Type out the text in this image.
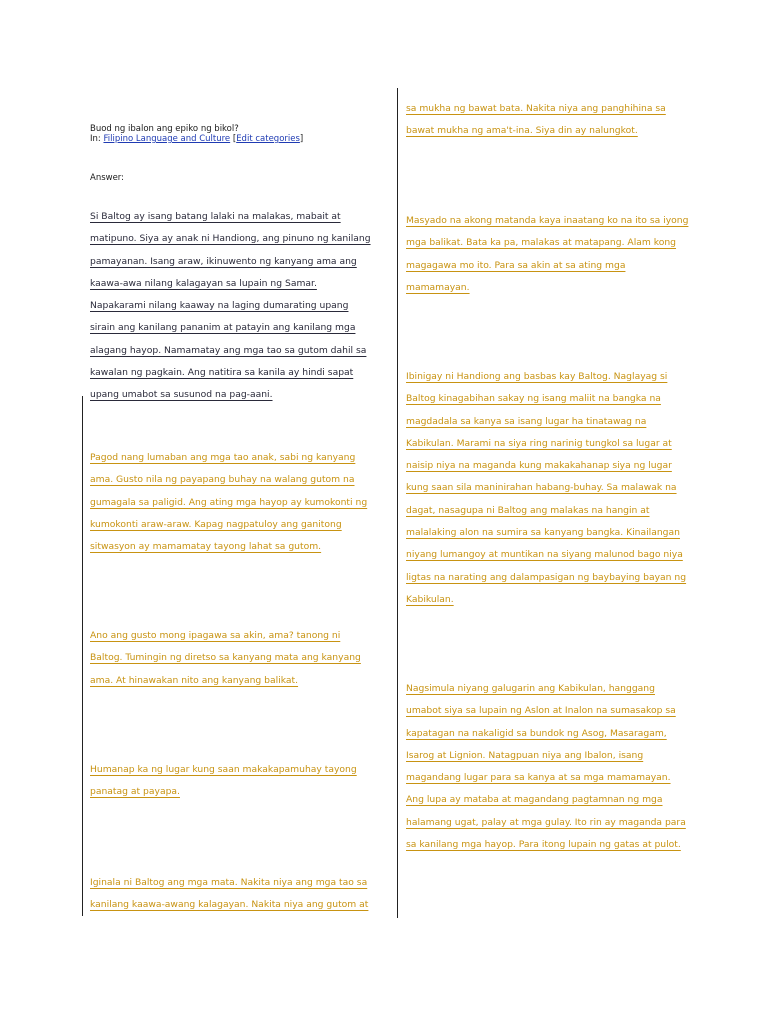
Buod ng ibalon ang epiko ng bikol?
In: Filipino Language and Culture [Edit categories]
Answer:
Si Baltog ay isang batang lalaki na malakas, mabait at
matipuno. Siya ay anak ni Handiong, ang pinuno ng kanilang
pamayanan. Isang araw, ikinuwento ng kanyang ama ang
kaawa-awa nilang kalagayan sa lupain ng Samar.
Napakarami nilang kaaway na laging dumarating upang
sirain ang kanilang pananim at patayin ang kanilang mga
alagang hayop. Namamatay ang mga tao sa gutom dahil sa
kawalan ng pagkain. Ang natitira sa kanila ay hindi sapat
upang umabot sa susunod na pag-aani.
Pagod nang lumaban ang mga tao anak, sabi ng kanyang
ama. Gusto nila ng payapang buhay na walang gutom na
gumagala sa paligid. Ang ating mga hayop ay kumokonti ng
kumokonti araw-araw. Kapag nagpatuloy ang ganitong
sitwasyon ay mamamatay tayong lahat sa gutom.
Ano ang gusto mong ipagawa sa akin, ama? tanong ni
Baltog. Tumingin ng diretso sa kanyang mata ang kanyang
ama. At hinawakan nito ang kanyang balikat.
Humanap ka ng lugar kung saan makakapamuhay tayong
panatag at payapa.
Iginala ni Baltog ang mga mata. Nakita niya ang mga tao sa
kanilang kaawa-awang kalagayan. Nakita niya ang gutom at
sa mukha ng bawat bata. Nakita niya ang panghihina sa
bawat mukha ng ama't-ina. Siya din ay nalungkot.
Masyado na akong matanda kaya inaatang ko na ito sa iyong
mga balikat. Bata ka pa, malakas at matapang. Alam kong
magagawa mo ito. Para sa akin at sa ating mga
mamamayan.
Ibinigay ni Handiong ang basbas kay Baltog. Naglayag si
Baltog kinagabihan sakay ng isang maliit na bangka na
magdadala sa kanya sa isang lugar ha tinatawag na
Kabikulan. Marami na siya ring narinig tungkol sa lugar at
naisip niya na maganda kung makakahanap siya ng lugar
kung saan sila maninirahan habang-buhay. Sa malawak na
dagat, nasagupa ni Baltog ang malakas na hangin at
malalaking alon na sumira sa kanyang bangka. Kinailangan
niyang lumangoy at muntikan na siyang malunod bago niya
ligtas na narating ang dalampasigan ng baybaying bayan ng
Kabikulan.
Nagsimula niyang galugarin ang Kabikulan, hanggang
umabot siya sa lupain ng Aslon at Inalon na sumasakop sa
kapatagan na nakaligid sa bundok ng Asog, Masaragam,
Isarog at Lignion. Natagpuan niya ang Ibalon, isang
magandang lugar para sa kanya at sa mga mamamayan.
Ang lupa ay mataba at magandang pagtamnan ng mga
halamang ugat, palay at mga gulay. Ito rin ay maganda para
sa kanilang mga hayop. Para itong lupain ng gatas at pulot.
